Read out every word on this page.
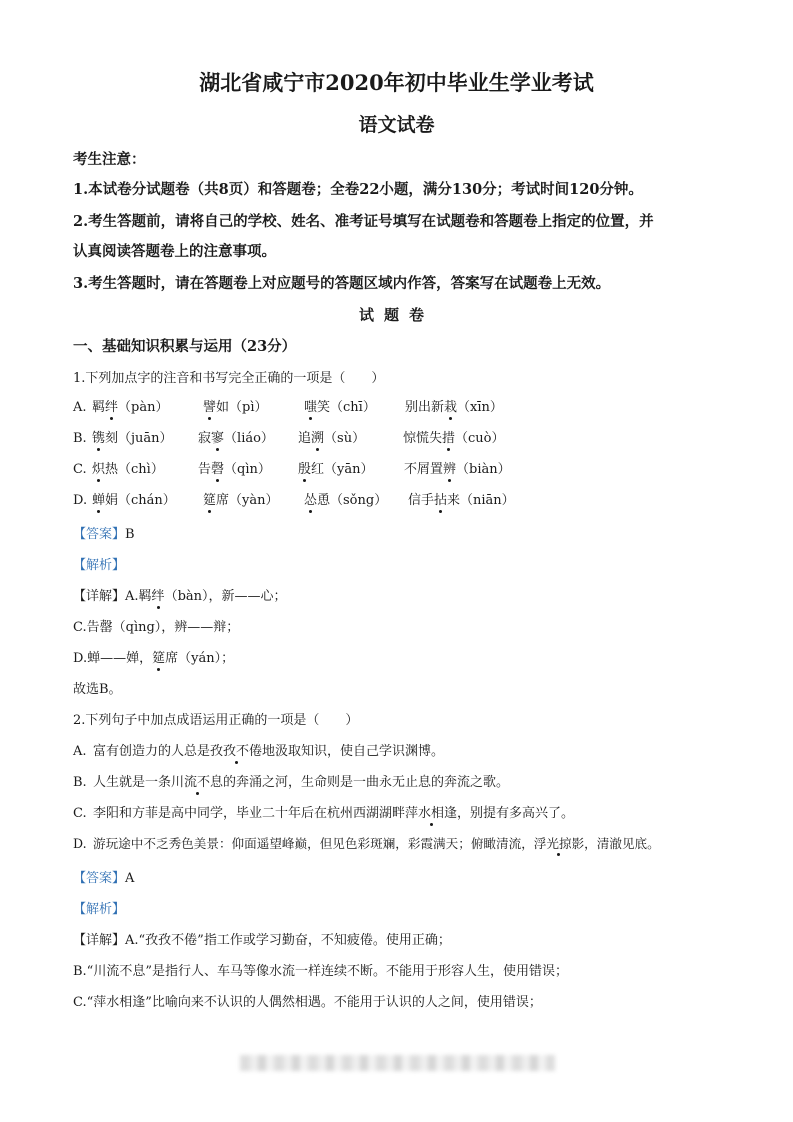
湖北省咸宁市2020年初中毕业生学业考试
语文试卷
考生注意：
1.本试卷分试题卷（共8页）和答题卷；全卷22小题，满分130分；考试时间120分钟。
2.考生答题前，请将自己的学校、姓名、准考证号填写在试题卷和答题卷上指定的位置，并
认真阅读答题卷上的注意事项。
3.考生答题时，请在答题卷上对应题号的答题区域内作答，答案写在试题卷上无效。
试题卷
一、基础知识积累与运用（23分）
1.下列加点字的注音和书写完全正确的一项是（　　）
A. 羁绊（pàn）	譬如（pì）	嗤笑（chī） 别出新栽（xīn）
B. 镌刻（juān） 寂寥（liáo） 追溯（sù）	惊慌失措（cuò）
C. 炽热（chì）	告磬（qìn） 殷红（yān） 不屑置辨（biàn）
D. 蝉娟（chán） 筵席（yàn） 怂恿（sǒng） 信手拈来（niān）
【答案】B
【解析】
【详解】A.羁绊（bàn），新——心；
C.告罄（qìng），辨——辩；
D.蝉——婵，筵席（yán）；
故选B。
2.下列句子中加点成语运用正确的一项是（　　）
A. 富有创造力的人总是孜孜不倦地汲取知识，使自己学识渊博。
B. 人生就是一条川流不息的奔涌之河，生命则是一曲永无止息的奔流之歌。
C. 李阳和方菲是高中同学，毕业二十年后在杭州西湖湖畔萍水相逢，别提有多高兴了。
D. 游玩途中不乏秀色美景：仰面遥望峰巅，但见色彩斑斓，彩霞满天；俯瞰清流，浮光掠影，清澈见底。
【答案】A
【解析】
【详解】A.“孜孜不倦”指工作或学习勤奋，不知疲倦。使用正确；
B.“川流不息”是指行人、车马等像水流一样连续不断。不能用于形容人生，使用错误；
C.“萍水相逢”比喻向来不认识的人偶然相遇。不能用于认识的人之间，使用错误；
